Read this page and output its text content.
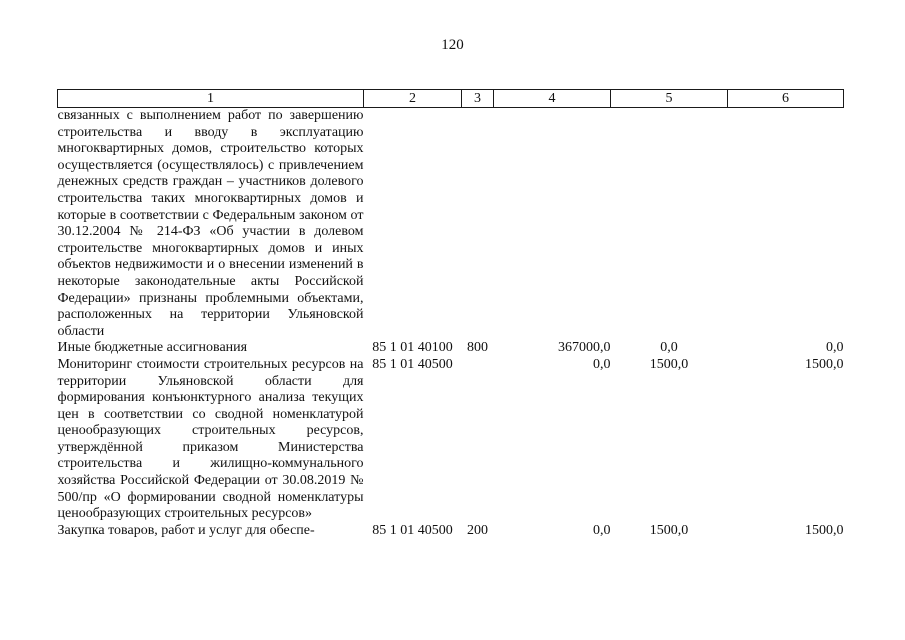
120
1	2	3	4	5	6
связанных с выполнением работ по завершению строительства и вводу в эксплуатацию многоквартирных домов, строительство которых осуществляется (осуществлялось) с привлечением денежных средств граждан – участников долевого строительства таких многоквартирных домов и которые в соответствии с Федеральным законом от 30.12.2004 № 214-ФЗ «Об участии в долевом строительстве многоквартирных домов и иных объектов недвижимости и о внесении изменений в некоторые законодательные акты Российской Федерации» признаны проблемными объектами, расположенных на территории Ульяновской области					
Иные бюджетные ассигнования	85 1 01 40100	800	367000,0	0,0	0,0
Мониторинг стоимости строительных ресурсов на территории Ульяновской области для формирования конъюнктурного анализа текущих цен в соответствии со сводной номенклатурой ценообразующих строительных ресурсов, утверждённой приказом Министерства строительства и жилищно-коммунального хозяйства Российской Федерации от 30.08.2019 № 500/пр «О формировании сводной номенклатуры ценообразующих строительных ресурсов»	85 1 01 40500		0,0	1500,0	1500,0
Закупка товаров, работ и услуг для обеспе-	85 1 01 40500	200	0,0	1500,0	1500,0
